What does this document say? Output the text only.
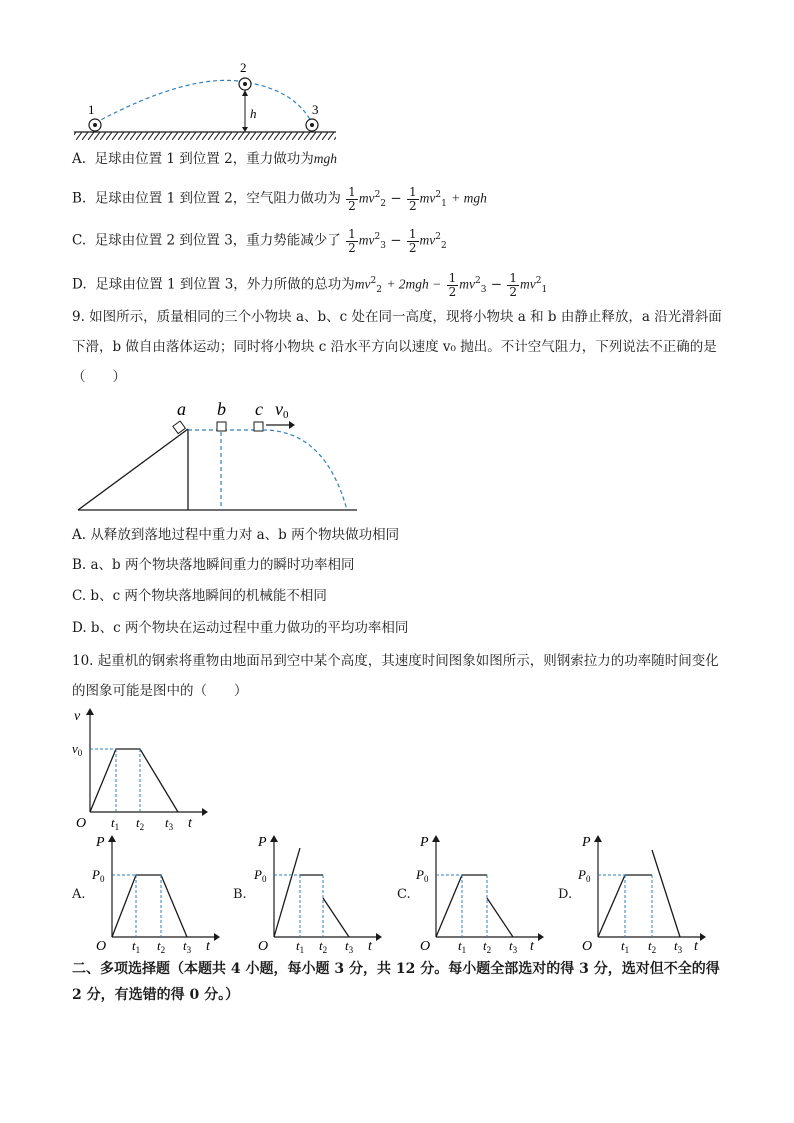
1
2
3
h
A. 足球由位置 1 到位置 2，重力做功为mgh
B. 足球由位置 1 到位置 2，空气阻力做功为 $\frac{1}{2} mv^2_2 - \frac{1}{2} mv^2_1$ + mgh
C. 足球由位置 2 到位置 3，重力势能减少了 $\frac{1}{2} mv^2_3 - \frac{1}{2} mv^2_2$
D. 足球由位置 1 到位置 3，外力所做的总功为$mv^2_2 + 2mgh - \frac{1}{2} mv^2_3 - \frac{1}{2} mv^2_1$
9. 如图所示，质量相同的三个小物块 a、b、c 处在同一高度，现将小物块 a 和 b 由静止释放，a 沿光滑斜面下滑，b 做自由落体运动；同时将小物块 c 沿水平方向以速度 v₀ 抛出。不计空气阻力，下列说法不正确的是（　　）
a b c v0
A. 从释放到落地过程中重力对 a、b 两个物块做功相同
B. a、b 两个物块落地瞬间重力的瞬时功率相同
C. b、c 两个物块落地瞬间的机械能不相同
D. b、c 两个物块在运动过程中重力做功的平均功率相同
10. 起重机的钢索将重物由地面吊到空中某个高度，其速度时间图象如图所示，则钢索拉力的功率随时间变化的图象可能是图中的（　　）
v
$v_0$
O $t_1$ $t_2$ $t_3$ t
A.	B.	C.	D.
P
$P_0$
O $t_1$ $t_2$ $t_3$ t
P
$P_0$
O $t_1$ $t_2$ $t_3$ t
P
$P_0$
O $t_1$ $t_2$ $t_3$ t
P
$P_0$
O $t_1$ $t_2$ $t_3$ t
二、多项选择题（本题共 4 小题，每小题 3 分，共 12 分。每小题全部选对的得 3 分，选对但不全的得 2 分，有选错的得 0 分。）
